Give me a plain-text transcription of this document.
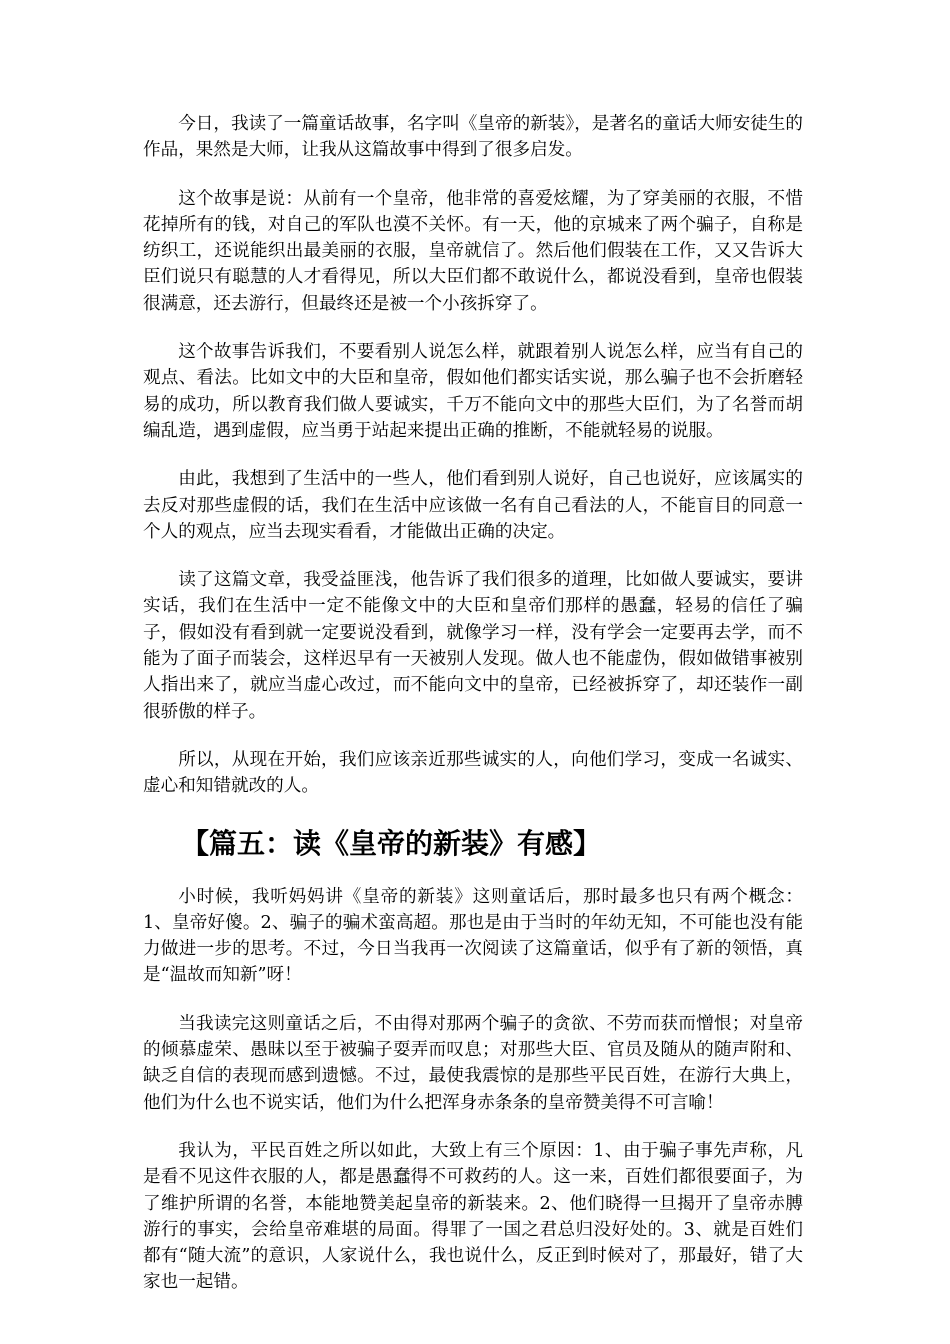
今日，我读了一篇童话故事，名字叫《皇帝的新装》，是著名的童话大师安徒生的作品，果然是大师，让我从这篇故事中得到了很多启发。

这个故事是说：从前有一个皇帝，他非常的喜爱炫耀，为了穿美丽的衣服，不惜花掉所有的钱，对自己的军队也漠不关怀。有一天，他的京城来了两个骗子，自称是纺织工，还说能织出最美丽的衣服，皇帝就信了。然后他们假装在工作，又又告诉大臣们说只有聪慧的人才看得见，所以大臣们都不敢说什么，都说没看到，皇帝也假装很满意，还去游行，但最终还是被一个小孩拆穿了。

这个故事告诉我们，不要看别人说怎么样，就跟着别人说怎么样，应当有自己的观点、看法。比如文中的大臣和皇帝，假如他们都实话实说，那么骗子也不会折磨轻易的成功，所以教育我们做人要诚实，千万不能向文中的那些大臣们，为了名誉而胡编乱造，遇到虚假，应当勇于站起来提出正确的推断，不能就轻易的说服。

由此，我想到了生活中的一些人，他们看到别人说好，自己也说好，应该属实的去反对那些虚假的话，我们在生活中应该做一名有自己看法的人，不能盲目的同意一个人的观点，应当去现实看看，才能做出正确的决定。

读了这篇文章，我受益匪浅，他告诉了我们很多的道理，比如做人要诚实，要讲实话，我们在生活中一定不能像文中的大臣和皇帝们那样的愚蠢，轻易的信任了骗子，假如没有看到就一定要说没看到，就像学习一样，没有学会一定要再去学，而不能为了面子而装会，这样迟早有一天被别人发现。做人也不能虚伪，假如做错事被别人指出来了，就应当虚心改过，而不能向文中的皇帝，已经被拆穿了，却还装作一副很骄傲的样子。

所以，从现在开始，我们应该亲近那些诚实的人，向他们学习，变成一名诚实、虚心和知错就改的人。

【篇五：读《皇帝的新装》有感】

小时候，我听妈妈讲《皇帝的新装》这则童话后，那时最多也只有两个概念：1、皇帝好傻。2、骗子的骗术蛮高超。那也是由于当时的年幼无知，不可能也没有能力做进一步的思考。不过，今日当我再一次阅读了这篇童话，似乎有了新的领悟，真是“温故而知新”呀！

当我读完这则童话之后，不由得对那两个骗子的贪欲、不劳而获而憎恨；对皇帝的倾慕虚荣、愚昧以至于被骗子耍弄而叹息；对那些大臣、官员及随从的随声附和、缺乏自信的表现而感到遗憾。不过，最使我震惊的是那些平民百姓，在游行大典上，他们为什么也不说实话，他们为什么把浑身赤条条的皇帝赞美得不可言喻！

我认为，平民百姓之所以如此，大致上有三个原因：1、由于骗子事先声称，凡是看不见这件衣服的人，都是愚蠢得不可救药的人。这一来，百姓们都很要面子，为了维护所谓的名誉，本能地赞美起皇帝的新装来。2、他们晓得一旦揭开了皇帝赤膊游行的事实，会给皇帝难堪的局面。得罪了一国之君总归没好处的。3、就是百姓们都有“随大流”的意识，人家说什么，我也说什么，反正到时候对了，那最好，错了大家也一起错。
